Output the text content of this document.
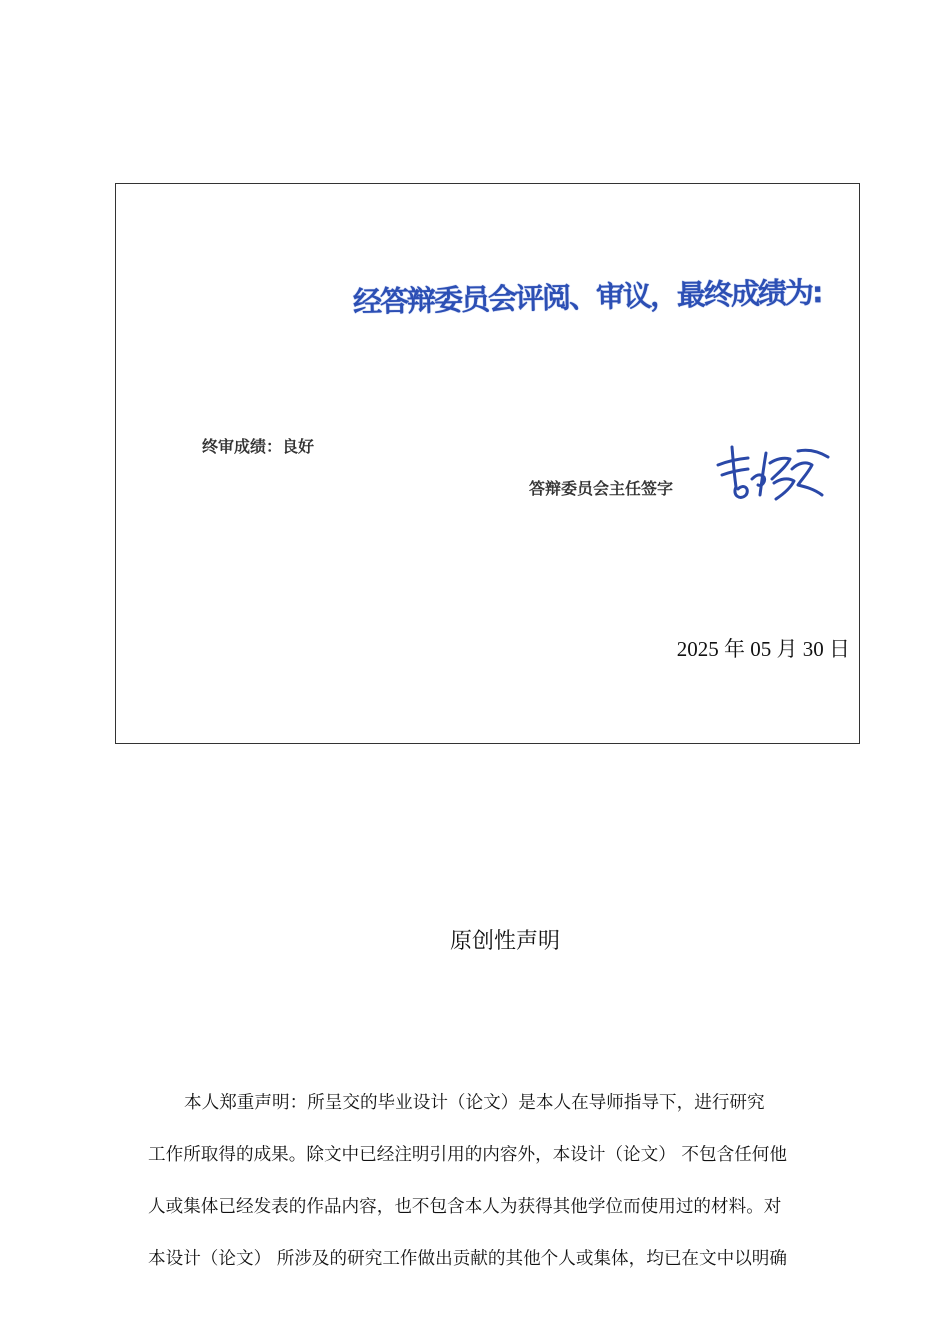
经答辩委员会评阅、审议，最终成绩为:
终审成绩：良好
答辩委员会主任签字
2025 年 05 月 30 日
原创性声明
本人郑重声明：所呈交的毕业设计（论文）是本人在导师指导下，进行研究
工作所取得的成果。除文中已经注明引用的内容外，本设计（论文） 不包含任何他
人或集体已经发表的作品内容，也不包含本人为获得其他学位而使用过的材料。对
本设计（论文） 所涉及的研究工作做出贡献的其他个人或集体，均已在文中以明确
